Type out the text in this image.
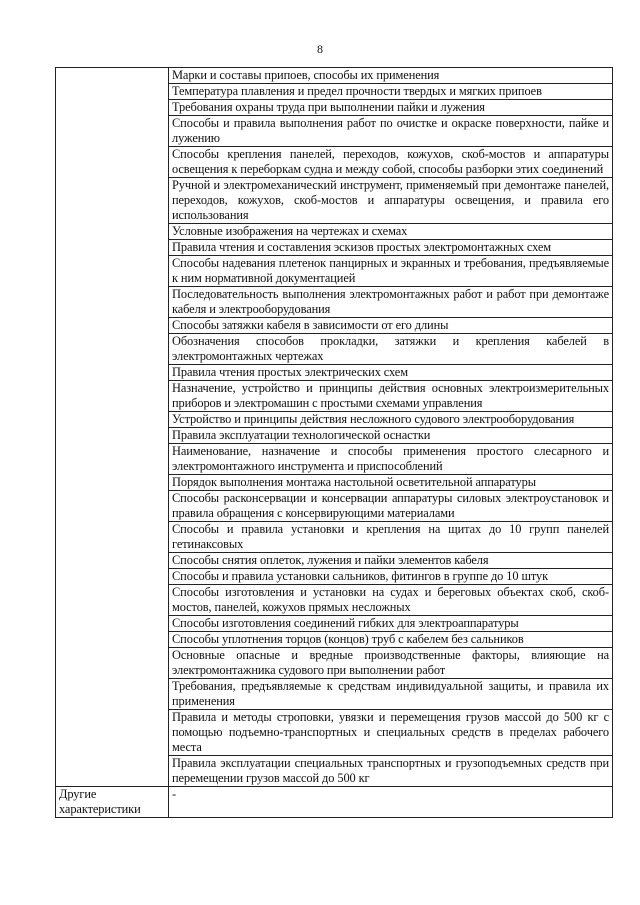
8
	Марки и составы припоев, способы их применения
	Температура плавления и предел прочности твердых и мягких припоев
	Требования охраны труда при выполнении пайки и лужения
	Способы и правила выполнения работ по очистке и окраске поверхности, пайке и лужению
	Способы крепления панелей, переходов, кожухов, скоб-мостов и аппаратуры освещения к переборкам судна и между собой, способы разборки этих соединений
	Ручной и электромеханический инструмент, применяемый при демонтаже панелей, переходов, кожухов, скоб-мостов и аппаратуры освещения, и правила его использования
	Условные изображения на чертежах и схемах
	Правила чтения и составления эскизов простых электромонтажных схем
	Способы надевания плетенок панцирных и экранных и требования, предъявляемые к ним нормативной документацией
	Последовательность выполнения электромонтажных работ и работ при демонтаже кабеля и электрооборудования
	Способы затяжки кабеля в зависимости от его длины
	Обозначения способов прокладки, затяжки и крепления кабелей в электромонтажных чертежах
	Правила чтения простых электрических схем
	Назначение, устройство и принципы действия основных электроизмерительных приборов и электромашин с простыми схемами управления
	Устройство и принципы действия несложного судового электрооборудования
	Правила эксплуатации технологической оснастки
	Наименование, назначение и способы применения простого слесарного и электромонтажного инструмента и приспособлений
	Порядок выполнения монтажа настольной осветительной аппаратуры
	Способы расконсервации и консервации аппаратуры силовых электроустановок и правила обращения с консервирующими материалами
	Способы и правила установки и крепления на щитах до 10 групп панелей гетинаксовых
	Способы снятия оплеток, лужения и пайки элементов кабеля
	Способы и правила установки сальников, фитингов в группе до 10 штук
	Способы изготовления и установки на судах и береговых объектах скоб, скоб-мостов, панелей, кожухов прямых несложных
	Способы изготовления соединений гибких для электроаппаратуры
	Способы уплотнения торцов (концов) труб с кабелем без сальников
	Основные опасные и вредные производственные факторы, влияющие на электромонтажника судового при выполнении работ
	Требования, предъявляемые к средствам индивидуальной защиты, и правила их применения
	Правила и методы строповки, увязки и перемещения грузов массой до 500 кг с помощью подъемно-транспортных и специальных средств в пределах рабочего места
	Правила эксплуатации специальных транспортных и грузоподъемных средств при перемещении грузов массой до 500 кг
Другие характеристики	-
